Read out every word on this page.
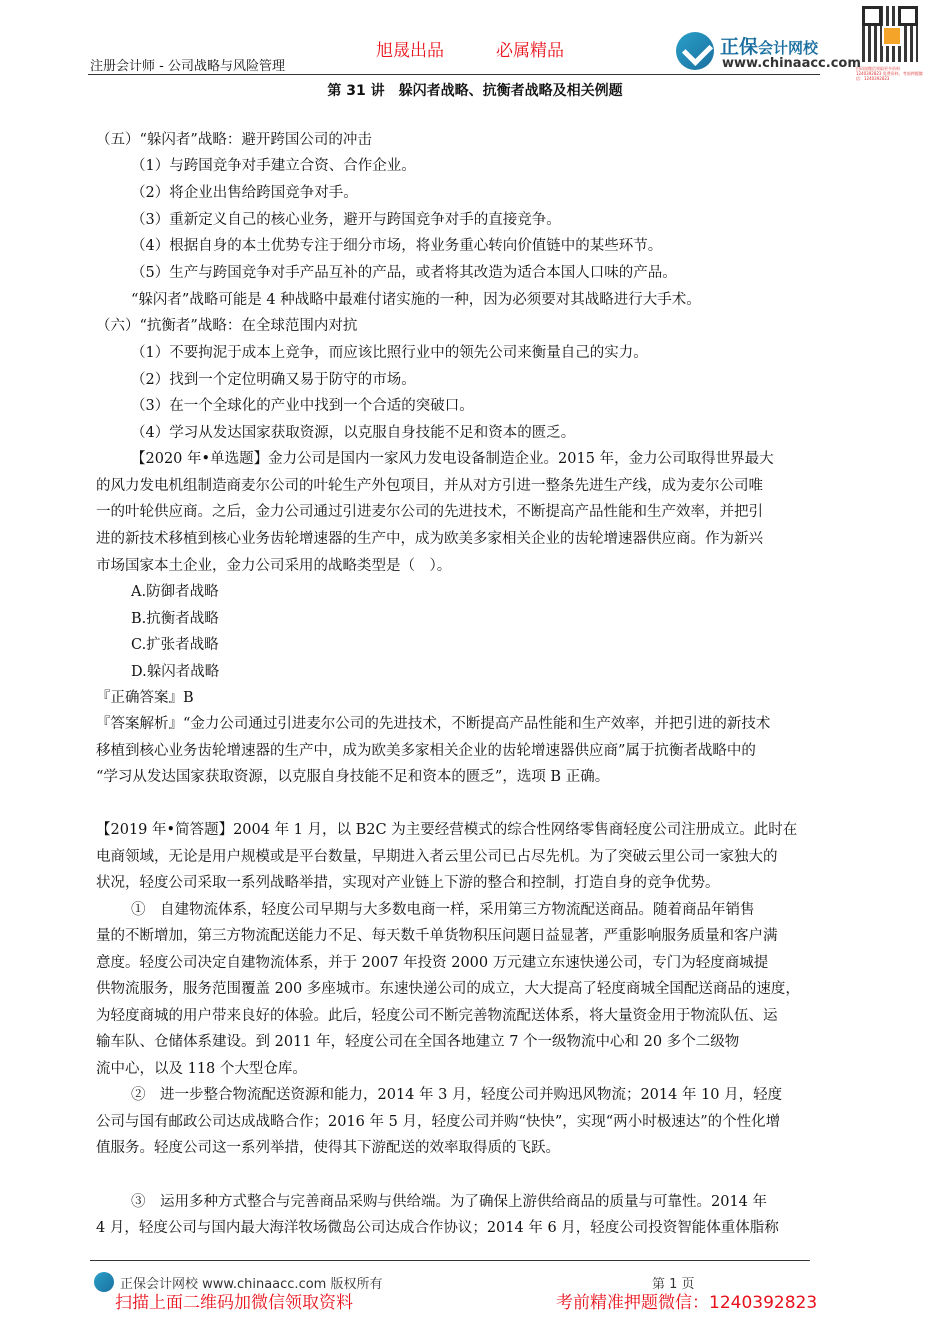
旭晟出品	必属精品
注册会计师 - 公司战略与风险管理
第 31 讲　躲闪者战略、抗衡者战略及相关例题
正保会计网校
www.chinaacc.com
扫码加微信领取更多资料 1240392823 免费资料、考前押题微信：1240392823
（五）“躲闪者”战略：避开跨国公司的冲击
（1）与跨国竞争对手建立合资、合作企业。
（2）将企业出售给跨国竞争对手。
（3）重新定义自己的核心业务，避开与跨国竞争对手的直接竞争。
（4）根据自身的本土优势专注于细分市场，将业务重心转向价值链中的某些环节。
（5）生产与跨国竞争对手产品互补的产品，或者将其改造为适合本国人口味的产品。
“躲闪者”战略可能是 4 种战略中最难付诸实施的一种，因为必须要对其战略进行大手术。
（六）“抗衡者”战略：在全球范围内对抗
（1）不要拘泥于成本上竞争，而应该比照行业中的领先公司来衡量自己的实力。
（2）找到一个定位明确又易于防守的市场。
（3）在一个全球化的产业中找到一个合适的突破口。
（4）学习从发达国家获取资源，以克服自身技能不足和资本的匮乏。
【2020 年•单选题】金力公司是国内一家风力发电设备制造企业。2015 年，金力公司取得世界最大
的风力发电机组制造商麦尔公司的叶轮生产外包项目，并从对方引进一整条先进生产线，成为麦尔公司唯
一的叶轮供应商。之后，金力公司通过引进麦尔公司的先进技术，不断提高产品性能和生产效率，并把引
进的新技术移植到核心业务齿轮增速器的生产中，成为欧美多家相关企业的齿轮增速器供应商。作为新兴
市场国家本土企业，金力公司采用的战略类型是（　）。
A.防御者战略
B.抗衡者战略
C.扩张者战略
D.躲闪者战略
『正确答案』B
『答案解析』“金力公司通过引进麦尔公司的先进技术，不断提高产品性能和生产效率，并把引进的新技术
移植到核心业务齿轮增速器的生产中，成为欧美多家相关企业的齿轮增速器供应商”属于抗衡者战略中的
“学习从发达国家获取资源，以克服自身技能不足和资本的匮乏”，选项 B 正确。
【2019 年•简答题】2004 年 1 月，以 B2C 为主要经营模式的综合性网络零售商轻度公司注册成立。此时在
电商领域，无论是用户规模或是平台数量，早期进入者云里公司已占尽先机。为了突破云里公司一家独大的
状况，轻度公司采取一系列战略举措，实现对产业链上下游的整合和控制，打造自身的竞争优势。
①　自建物流体系，轻度公司早期与大多数电商一样，采用第三方物流配送商品。随着商品年销售
量的不断增加，第三方物流配送能力不足、每天数千单货物积压问题日益显著，严重影响服务质量和客户满
意度。轻度公司决定自建物流体系，并于 2007 年投资 2000 万元建立东速快递公司，专门为轻度商城提
供物流服务，服务范围覆盖 200 多座城市。东速快递公司的成立，大大提高了轻度商城全国配送商品的速度，
为轻度商城的用户带来良好的体验。此后，轻度公司不断完善物流配送体系，将大量资金用于物流队伍、运
输车队、仓储体系建设。到 2011 年，轻度公司在全国各地建立 7 个一级物流中心和 20 多个二级物
流中心，以及 118 个大型仓库。
②　进一步整合物流配送资源和能力，2014 年 3 月，轻度公司并购迅风物流；2014 年 10 月，轻度
公司与国有邮政公司达成战略合作；2016 年 5 月，轻度公司并购“快快”，实现“两小时极速达”的个性化增
值服务。轻度公司这一系列举措，使得其下游配送的效率取得质的飞跃。
③　运用多种方式整合与完善商品采购与供给端。为了确保上游供给商品的质量与可靠性。2014 年
4 月，轻度公司与国内最大海洋牧场微岛公司达成合作协议；2014 年 6 月，轻度公司投资智能体重体脂称
正保会计网校 www.chinaacc.com 版权所有	第 1 页
扫描上面二维码加微信领取资料	考前精准押题微信：1240392823
